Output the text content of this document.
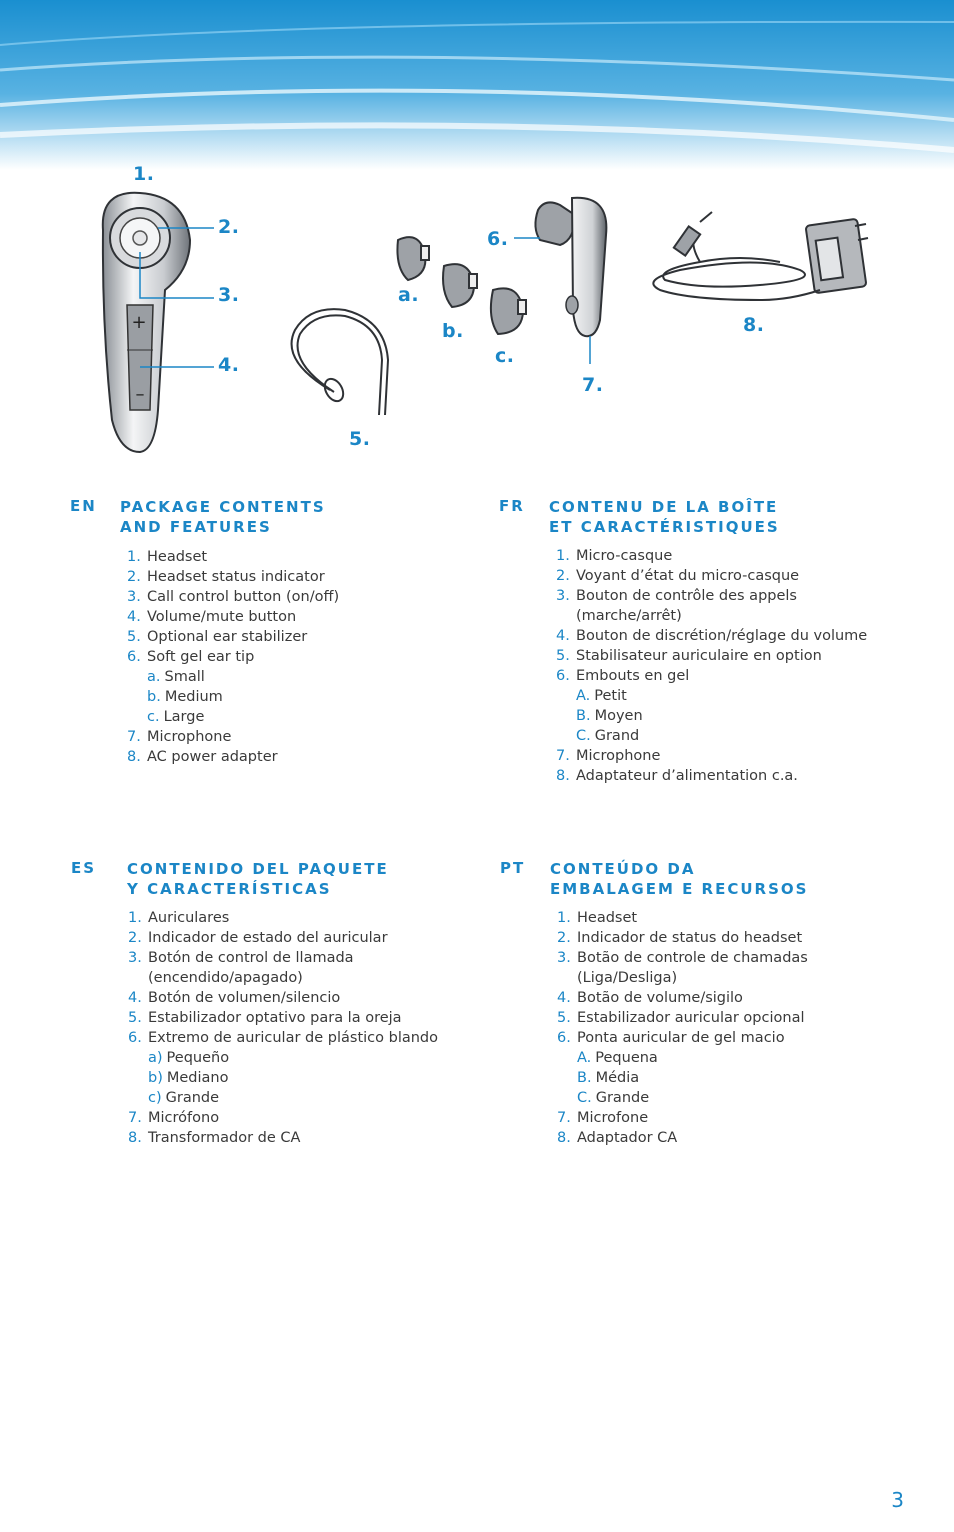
+
–
1.
2.
3.
4.
5.
6.
7.
8.
a.
b.
c.
EN PACKAGE CONTENTS
AND FEATURES
1. Headset
2. Headset status indicator
3. Call control button (on/off)
4. Volume/mute button
5. Optional ear stabilizer
6. Soft gel ear tip
a. Small
b. Medium
c. Large
7. Microphone
8. AC power adapter
FR CONTENU DE LA BOÎTE
ET CARACTÉRISTIQUES
1. Micro-casque
2. Voyant d’état du micro-casque
3. Bouton de contrôle des appels
(marche/arrêt)
4. Bouton de discrétion/réglage du volume
5. Stabilisateur auriculaire en option
6. Embouts en gel
A. Petit
B. Moyen
C. Grand
7. Microphone
8. Adaptateur d’alimentation c.a.
ES CONTENIDO DEL PAQUETE
Y CARACTERÍSTICAS
1. Auriculares
2. Indicador de estado del auricular
3. Botón de control de llamada
(encendido/apagado)
4. Botón de volumen/silencio
5. Estabilizador optativo para la oreja
6. Extremo de auricular de plástico blando
a) Pequeño
b) Mediano
c) Grande
7. Micrófono
8. Transformador de CA
PT CONTEÚDO DA
EMBALAGEM E RECURSOS
1. Headset
2. Indicador de status do headset
3. Botão de controle de chamadas
(Liga/Desliga)
4. Botão de volume/sigilo
5. Estabilizador auricular opcional
6. Ponta auricular de gel macio
A. Pequena
B. Média
C. Grande
7. Microfone
8. Adaptador CA
3
